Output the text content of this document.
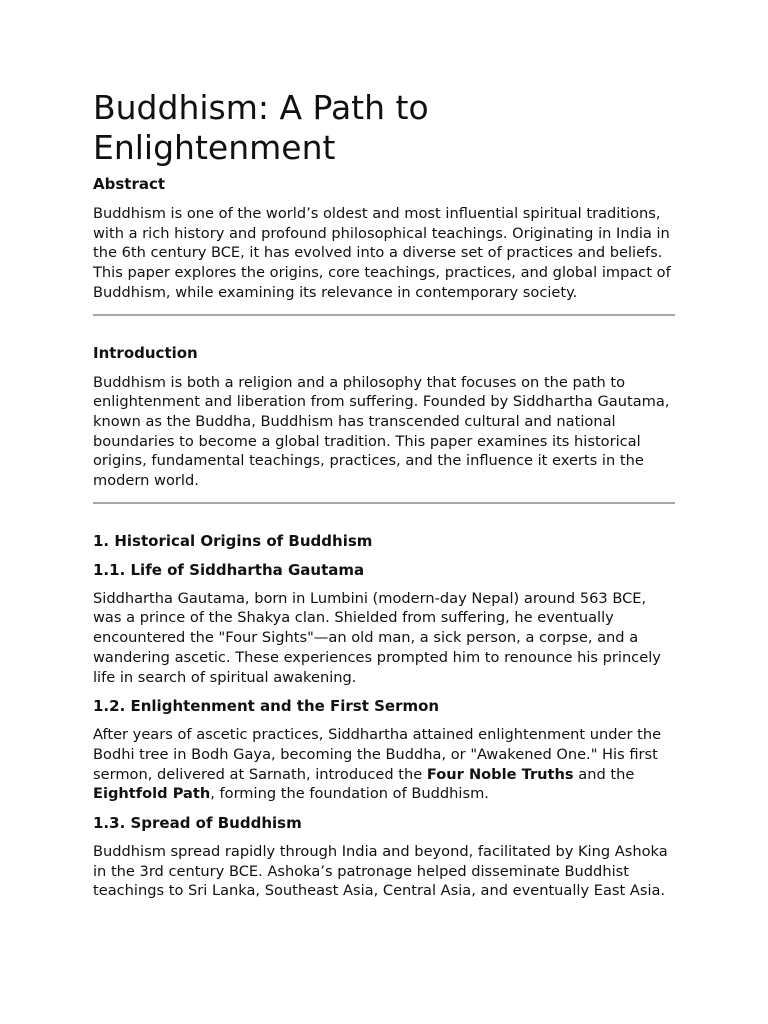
Buddhism: A Path to Enlightenment
Abstract

Buddhism is one of the world’s oldest and most influential spiritual traditions, with a rich history and profound philosophical teachings. Originating in India in the 6th century BCE, it has evolved into a diverse set of practices and beliefs. This paper explores the origins, core teachings, practices, and global impact of Buddhism, while examining its relevance in contemporary society.

Introduction

Buddhism is both a religion and a philosophy that focuses on the path to enlightenment and liberation from suffering. Founded by Siddhartha Gautama, known as the Buddha, Buddhism has transcended cultural and national boundaries to become a global tradition. This paper examines its historical origins, fundamental teachings, practices, and the influence it exerts in the modern world.

1. Historical Origins of Buddhism
1.1. Life of Siddhartha Gautama

Siddhartha Gautama, born in Lumbini (modern-day Nepal) around 563 BCE, was a prince of the Shakya clan. Shielded from suffering, he eventually encountered the "Four Sights"—an old man, a sick person, a corpse, and a wandering ascetic. These experiences prompted him to renounce his princely life in search of spiritual awakening.

1.2. Enlightenment and the First Sermon

After years of ascetic practices, Siddhartha attained enlightenment under the Bodhi tree in Bodh Gaya, becoming the Buddha, or "Awakened One." His first sermon, delivered at Sarnath, introduced the Four Noble Truths and the Eightfold Path, forming the foundation of Buddhism.

1.3. Spread of Buddhism

Buddhism spread rapidly through India and beyond, facilitated by King Ashoka in the 3rd century BCE. Ashoka’s patronage helped disseminate Buddhist teachings to Sri Lanka, Southeast Asia, Central Asia, and eventually East Asia.
